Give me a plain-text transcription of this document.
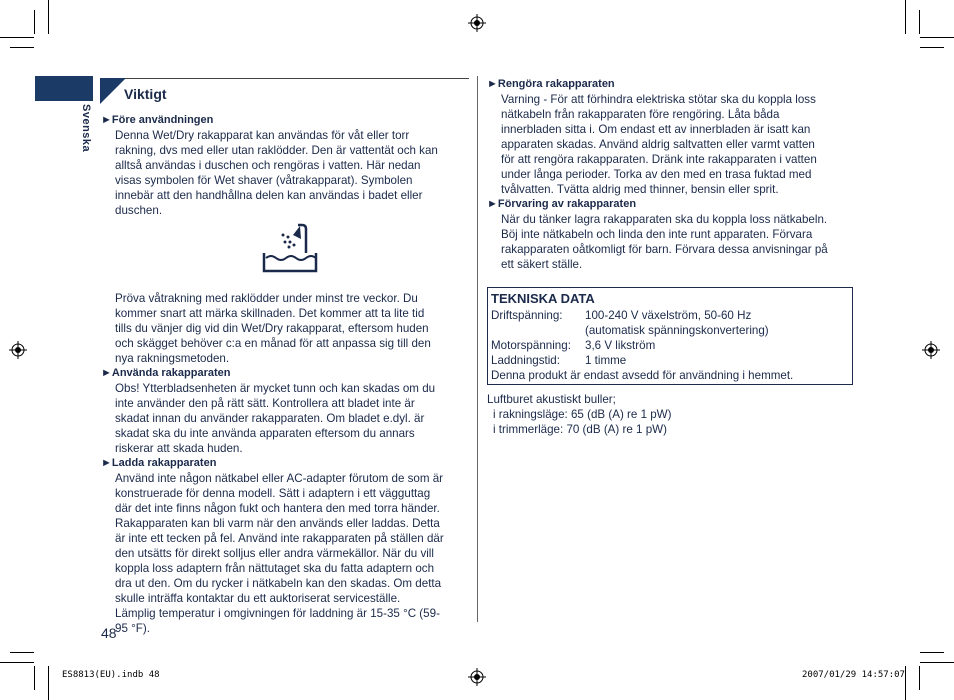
Svenska
Viktigt
►Före användningen
Denna Wet/Dry rakapparat kan användas för våt eller torr
rakning, dvs med eller utan raklödder. Den är vattentät och kan
alltså användas i duschen och rengöras i vatten. Här nedan
visas symbolen för Wet shaver (våtrakapparat). Symbolen
innebär att den handhållna delen kan användas i badet eller
duschen.
Pröva våtrakning med raklödder under minst tre veckor. Du
kommer snart att märka skillnaden. Det kommer att ta lite tid
tills du vänjer dig vid din Wet/Dry rakapparat, eftersom huden
och skägget behöver c:a en månad för att anpassa sig till den
nya rakningsmetoden.
►Använda rakapparaten
Obs! Ytterbladsenheten är mycket tunn och kan skadas om du
inte använder den på rätt sätt. Kontrollera att bladet inte är
skadat innan du använder rakapparaten. Om bladet e.dyl. är
skadat ska du inte använda apparaten eftersom du annars
riskerar att skada huden.
►Ladda rakapparaten
Använd inte någon nätkabel eller AC-adapter förutom de som är
konstruerade för denna modell. Sätt i adaptern i ett vägguttag
där det inte finns någon fukt och hantera den med torra händer.
Rakapparaten kan bli varm när den används eller laddas. Detta
är inte ett tecken på fel. Använd inte rakapparaten på ställen där
den utsätts för direkt solljus eller andra värmekällor. När du vill
koppla loss adaptern från nättutaget ska du fatta adaptern och
dra ut den. Om du rycker i nätkabeln kan den skadas. Om detta
skulle inträffa kontaktar du ett auktoriserat serviceställe.
Lämplig temperatur i omgivningen för laddning är 15-35 °C (59-
95 °F).
►Rengöra rakapparaten
Varning - För att förhindra elektriska stötar ska du koppla loss
nätkabeln från rakapparaten före rengöring. Låta båda
innerbladen sitta i. Om endast ett av innerbladen är isatt kan
apparaten skadas. Använd aldrig saltvatten eller varmt vatten
för att rengöra rakapparaten. Dränk inte rakapparaten i vatten
under långa perioder. Torka av den med en trasa fuktad med
tvålvatten. Tvätta aldrig med thinner, bensin eller sprit.
►Förvaring av rakapparaten
När du tänker lagra rakapparaten ska du koppla loss nätkabeln.
Böj inte nätkabeln och linda den inte runt apparaten. Förvara
rakapparaten oåtkomligt för barn. Förvara dessa anvisningar på
ett säkert ställe.
TEKNISKA DATA
Driftspänning: 100-240 V växelström, 50-60 Hz
(automatisk spänningskonvertering)
Motorspänning: 3,6 V likström
Laddningstid: 1 timme
Denna produkt är endast avsedd för användning i hemmet.
Luftburet akustiskt buller;
i rakningsläge: 65 (dB (A) re 1 pW)
i trimmerläge: 70 (dB (A) re 1 pW)
48
ES8813(EU).indb 48	2007/01/29 14:57:07
